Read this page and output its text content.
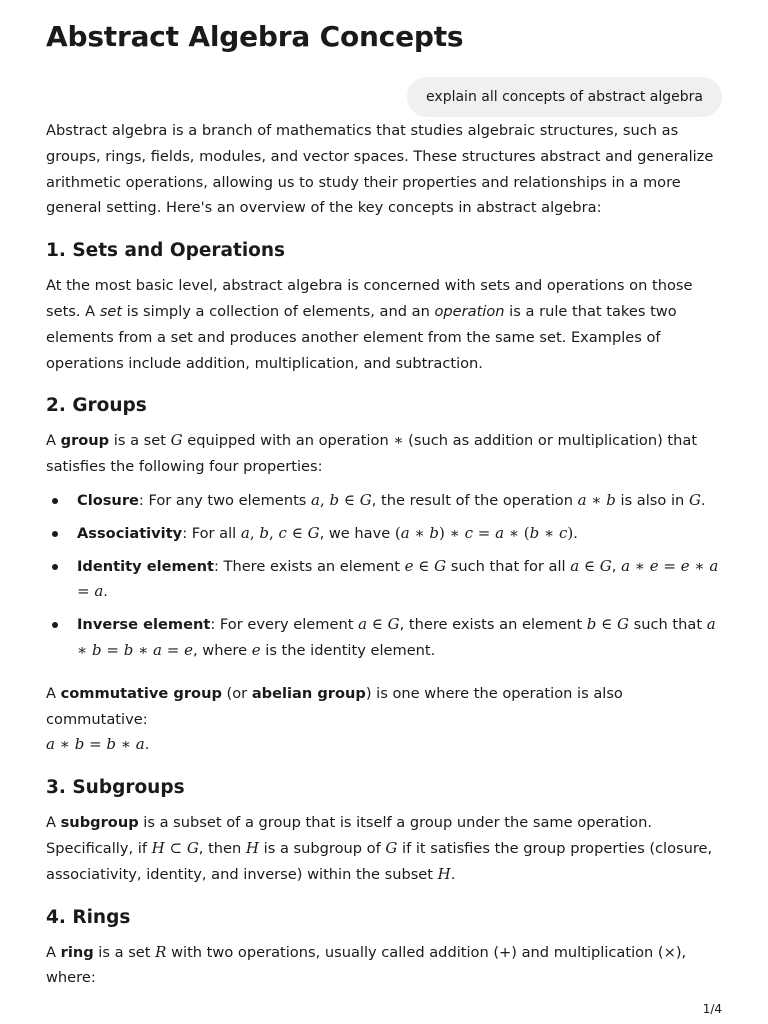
Abstract Algebra Concepts
explain all concepts of abstract algebra

Abstract algebra is a branch of mathematics that studies algebraic structures, such as groups, rings, fields, modules, and vector spaces. These structures abstract and generalize arithmetic operations, allowing us to study their properties and relationships in a more general setting. Here's an overview of the key concepts in abstract algebra:

1. Sets and Operations

At the most basic level, abstract algebra is concerned with sets and operations on those sets. A set is simply a collection of elements, and an operation is a rule that takes two elements from a set and produces another element from the same set. Examples of operations include addition, multiplication, and subtraction.

2. Groups

A group is a set G equipped with an operation ∗ (such as addition or multiplication) that satisfies the following four properties:

Closure: For any two elements a, b ∈ G, the result of the operation a ∗ b is also in G.
Associativity: For all a, b, c ∈ G, we have (a ∗ b) ∗ c = a ∗ (b ∗ c).
Identity element: There exists an element e ∈ G such that for all a ∈ G, a ∗ e = e ∗ a = a.
Inverse element: For every element a ∈ G, there exists an element b ∈ G such that a ∗ b = b ∗ a = e, where e is the identity element.

A commutative group (or abelian group) is one where the operation is also commutative:
a ∗ b = b ∗ a.

3. Subgroups

A subgroup is a subset of a group that is itself a group under the same operation. Specifically, if H ⊂ G, then H is a subgroup of G if it satisfies the group properties (closure, associativity, identity, and inverse) within the subset H.

4. Rings

A ring is a set R with two operations, usually called addition (+) and multiplication (×), where:

1/4
